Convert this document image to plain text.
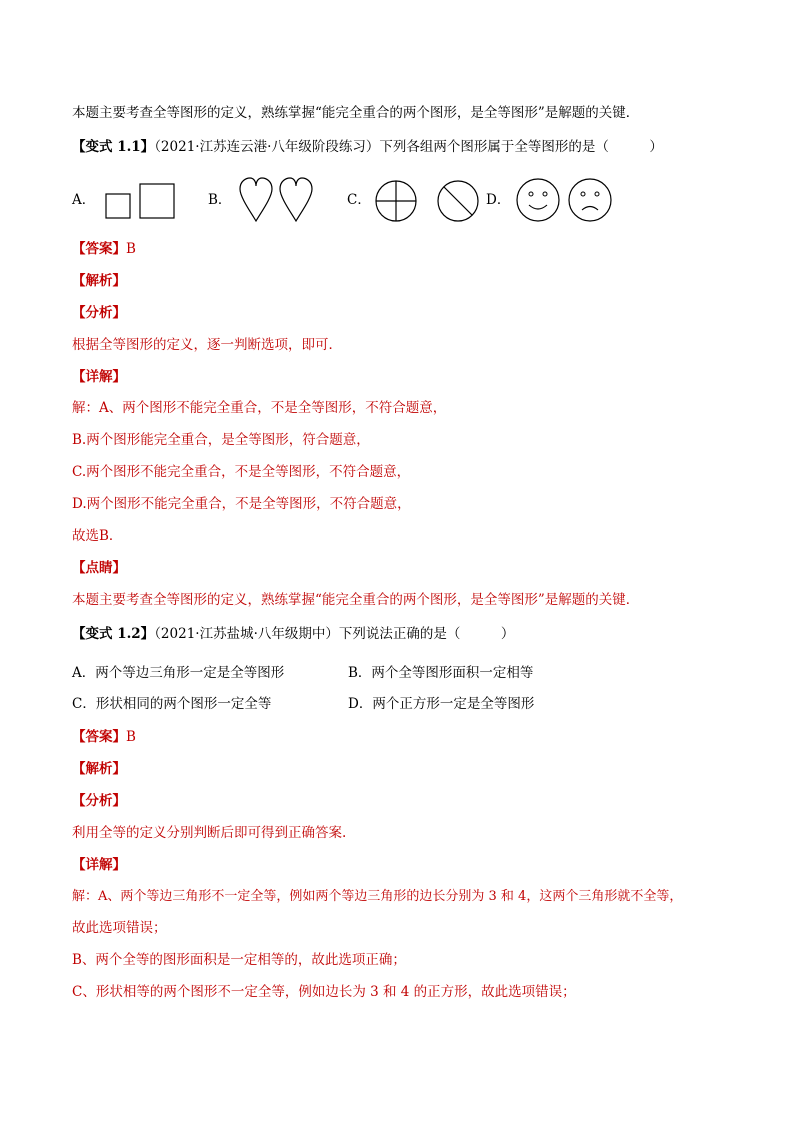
本题主要考查全等图形的定义，熟练掌握“能完全重合的两个图形，是全等图形”是解题的关键．
【变式 1.1】（2021·江苏连云港·八年级阶段练习）下列各组两个图形属于全等图形的是（　　　）
A．	B．	C．	D．
【答案】B
【解析】
【分析】
根据全等图形的定义，逐一判断选项，即可．
【详解】
解：A、两个图形不能完全重合，不是全等图形，不符合题意，
B.两个图形能完全重合，是全等图形，符合题意，
C.两个图形不能完全重合，不是全等图形，不符合题意，
D.两个图形不能完全重合，不是全等图形，不符合题意，
故选B．
【点睛】
本题主要考查全等图形的定义，熟练掌握“能完全重合的两个图形，是全等图形”是解题的关键．
【变式 1.2】（2021·江苏盐城·八年级期中）下列说法正确的是（　　　）
A．两个等边三角形一定是全等图形	B．两个全等图形面积一定相等
C．形状相同的两个图形一定全等	D．两个正方形一定是全等图形
【答案】B
【解析】
【分析】
利用全等的定义分别判断后即可得到正确答案.
【详解】
解：A、两个等边三角形不一定全等，例如两个等边三角形的边长分别为 3 和 4，这两个三角形就不全等，
故此选项错误；
B、两个全等的图形面积是一定相等的，故此选项正确；
C、形状相等的两个图形不一定全等，例如边长为 3 和 4 的正方形，故此选项错误；
